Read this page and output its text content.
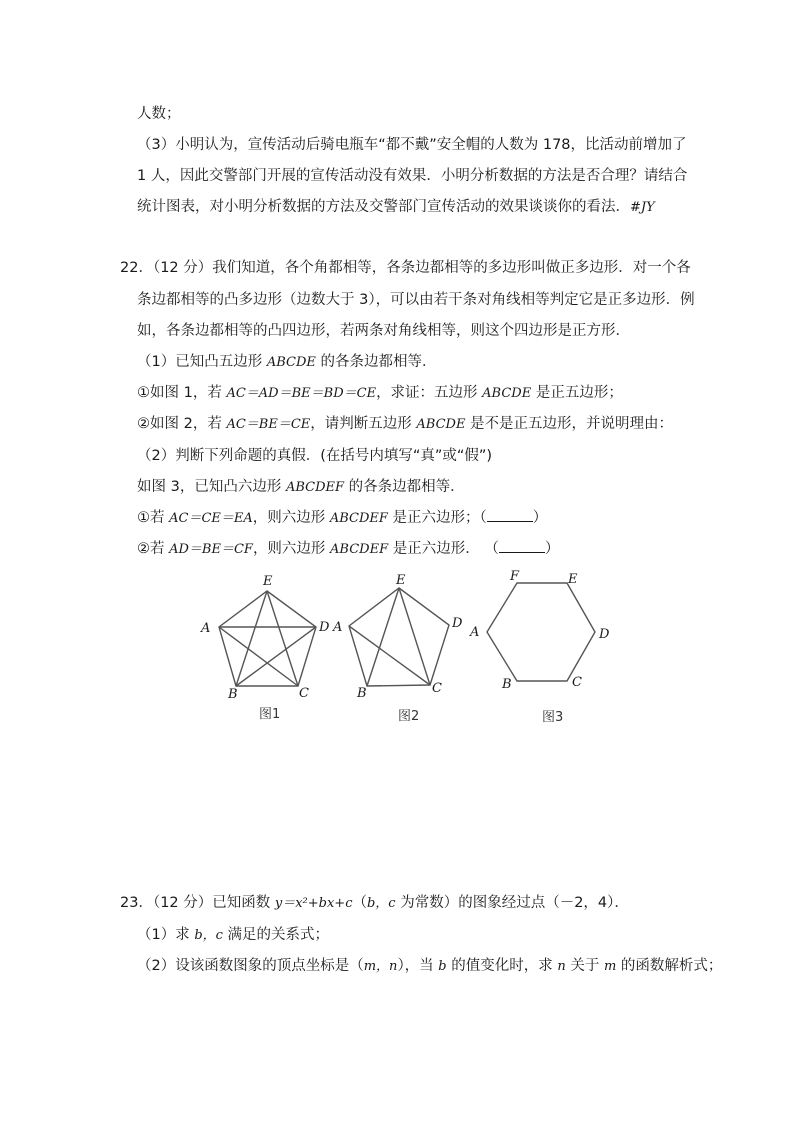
人数；
（3）小明认为，宣传活动后骑电瓶车“都不戴”安全帽的人数为 178，比活动前增加了
1 人，因此交警部门开展的宣传活动没有效果．小明分析数据的方法是否合理？请结合
统计图表，对小明分析数据的方法及交警部门宣传活动的效果谈谈你的看法．#JY
22．（12 分）我们知道，各个角都相等，各条边都相等的多边形叫做正多边形．对一个各
条边都相等的凸多边形（边数大于 3），可以由若干条对角线相等判定它是正多边形．例
如，各条边都相等的凸四边形，若两条对角线相等，则这个四边形是正方形．
（1）已知凸五边形 ABCDE 的各条边都相等．
①如图 1，若 AC＝AD＝BE＝BD＝CE，求证：五边形 ABCDE 是正五边形；
②如图 2，若 AC＝BE＝CE，请判断五边形 ABCDE 是不是正五边形，并说明理由：
（2）判断下列命题的真假．(在括号内填写“真”或“假”)
如图 3，已知凸六边形 ABCDEF 的各条边都相等．
①若 AC＝CE＝EA，则六边形 ABCDEF 是正六边形；（	）
②若 AD＝BE＝CF，则六边形 ABCDEF 是正六边形． （	）
E
A	D
B	C
图1
E
A	D
B	C
图2
F	E
A	D
B	C
图3
23．（12 分）已知函数 y＝x²+bx+c（b，c 为常数）的图象经过点（－2，4）．
（1）求 b，c 满足的关系式；
（2）设该函数图象的顶点坐标是（m，n），当 b 的值变化时，求 n 关于 m 的函数解析式；
